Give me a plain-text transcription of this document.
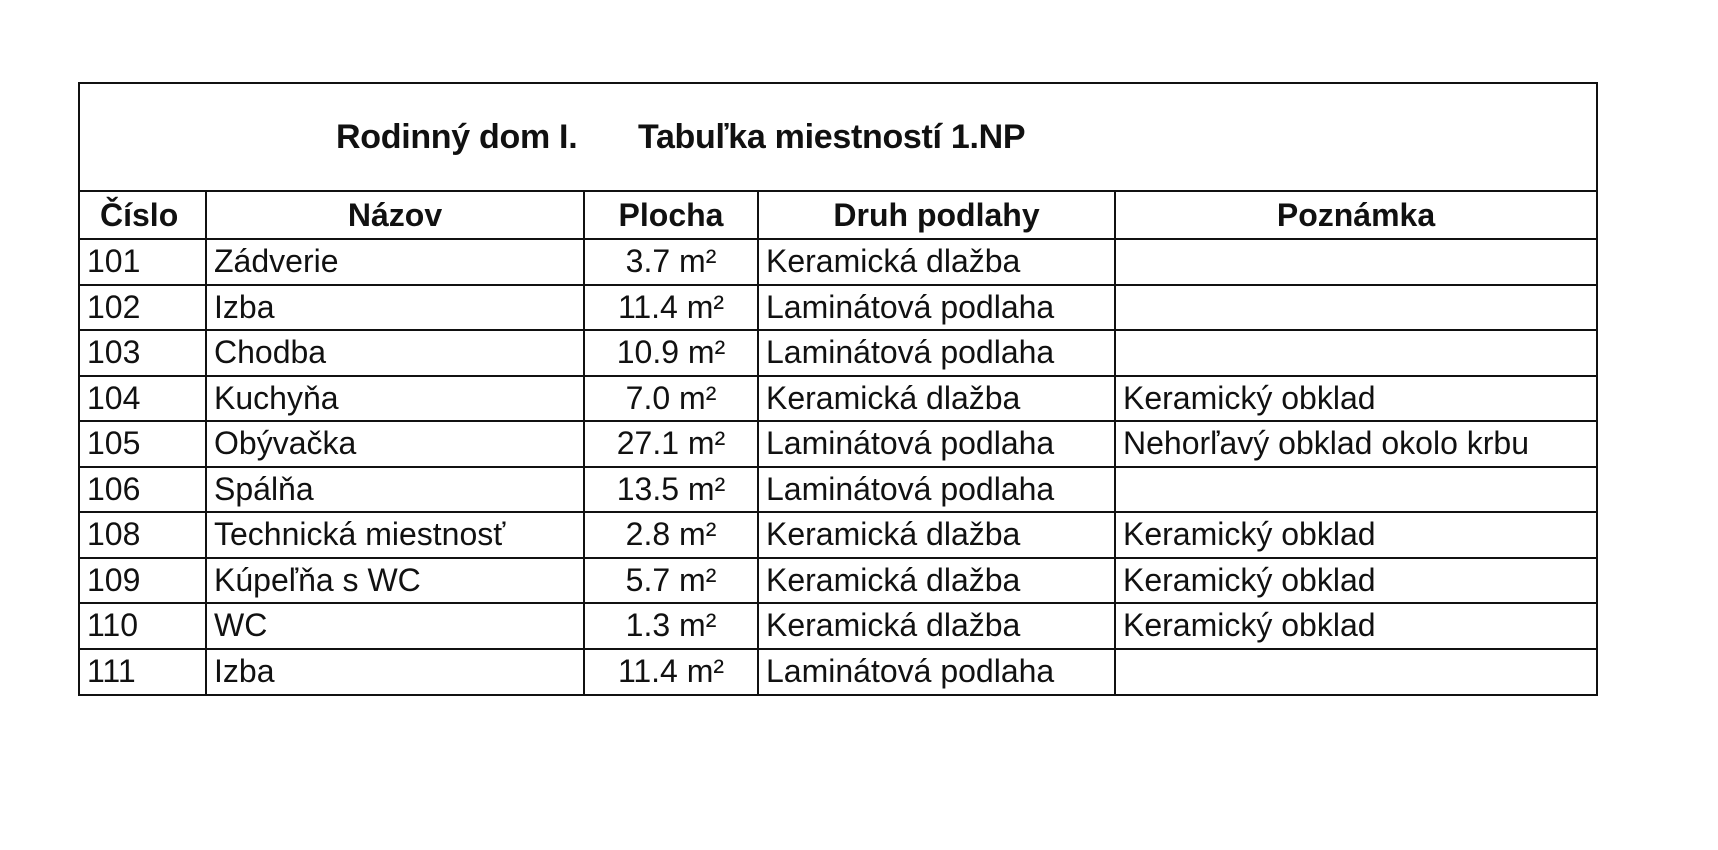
Rodinný dom I. Tabuľka miestností 1.NP
Číslo	Názov	Plocha	Druh podlahy	Poznámka
101	Zádverie	3.7 m²	Keramická dlažba	
102	Izba	11.4 m²	Laminátová podlaha	
103	Chodba	10.9 m²	Laminátová podlaha	
104	Kuchyňa	7.0 m²	Keramická dlažba	Keramický obklad
105	Obývačka	27.1 m²	Laminátová podlaha	Nehorľavý obklad okolo krbu
106	Spálňa	13.5 m²	Laminátová podlaha	
108	Technická miestnosť	2.8 m²	Keramická dlažba	Keramický obklad
109	Kúpeľňa s WC	5.7 m²	Keramická dlažba	Keramický obklad
110	WC	1.3 m²	Keramická dlažba	Keramický obklad
111	Izba	11.4 m²	Laminátová podlaha	
